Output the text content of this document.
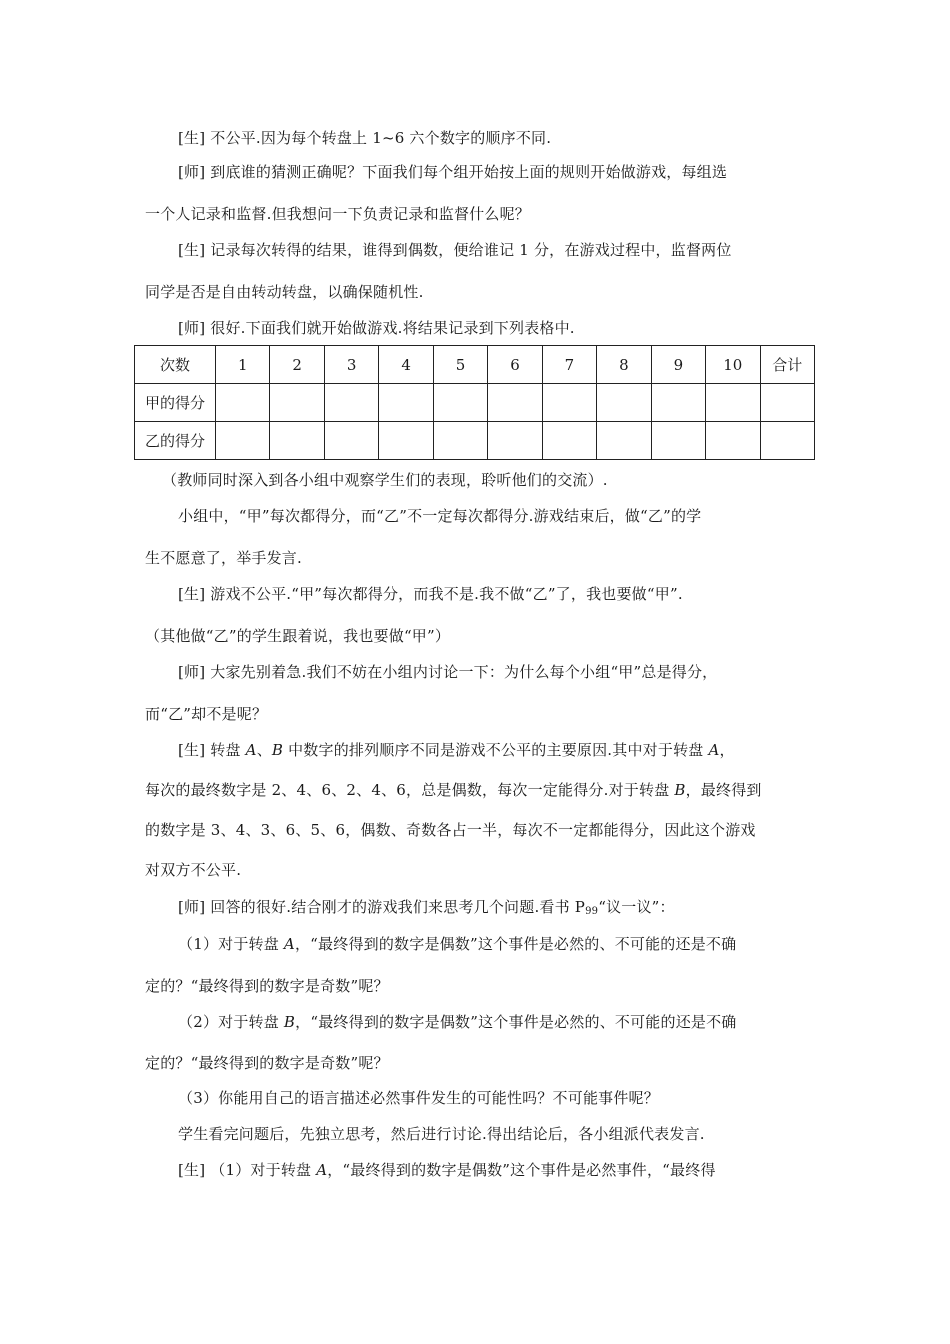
[生] 不公平.因为每个转盘上 1~6 六个数字的顺序不同.
[师] 到底谁的猜测正确呢？下面我们每个组开始按上面的规则开始做游戏，每组选
一个人记录和监督.但我想问一下负责记录和监督什么呢？
[生] 记录每次转得的结果，谁得到偶数，便给谁记 1 分，在游戏过程中，监督两位
同学是否是自由转动转盘，以确保随机性.
[师] 很好.下面我们就开始做游戏.将结果记录到下列表格中.
次数	1	2	3	4	5	6	7	8	9	10	合计
甲的得分											
乙的得分											
（教师同时深入到各小组中观察学生们的表现，聆听他们的交流）.
小组中，“甲”每次都得分，而“乙”不一定每次都得分.游戏结束后，做“乙”的学
生不愿意了，举手发言.
[生] 游戏不公平.“甲”每次都得分，而我不是.我不做“乙”了，我也要做“甲”.
（其他做“乙”的学生跟着说，我也要做“甲”）
[师] 大家先别着急.我们不妨在小组内讨论一下：为什么每个小组“甲”总是得分，
而“乙”却不是呢？
[生] 转盘 A、B 中数字的排列顺序不同是游戏不公平的主要原因.其中对于转盘 A，
每次的最终数字是 2、4、6、2、4、6，总是偶数，每次一定能得分.对于转盘 B，最终得到
的数字是 3、4、3、6、5、6，偶数、奇数各占一半，每次不一定都能得分，因此这个游戏
对双方不公平.
[师] 回答的很好.结合刚才的游戏我们来思考几个问题.看书 $P_{99}“$议一议”：
（1）对于转盘 A，“最终得到的数字是偶数”这个事件是必然的、不可能的还是不确
定的？“最终得到的数字是奇数”呢？
（2）对于转盘 B，“最终得到的数字是偶数”这个事件是必然的、不可能的还是不确
定的？“最终得到的数字是奇数”呢？
（3）你能用自己的语言描述必然事件发生的可能性吗？不可能事件呢？
学生看完问题后，先独立思考，然后进行讨论.得出结论后，各小组派代表发言.
[生] （1）对于转盘 A，“最终得到的数字是偶数”这个事件是必然事件，“最终得
